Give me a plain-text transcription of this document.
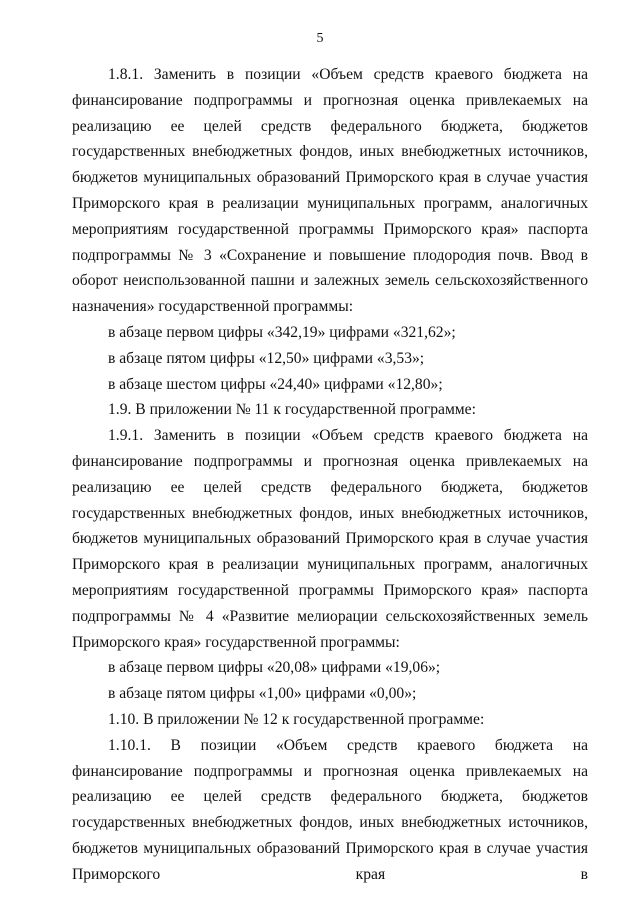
5

1.8.1. Заменить в позиции «Объем средств краевого бюджета на финансирование подпрограммы и прогнозная оценка привлекаемых на реализацию ее целей средств федерального бюджета, бюджетов государственных внебюджетных фондов, иных внебюджетных источников, бюджетов муниципальных образований Приморского края в случае участия Приморского края в реализации муниципальных программ, аналогичных мероприятиям государственной программы Приморского края» паспорта подпрограммы № 3 «Сохранение и повышение плодородия почв. Ввод в оборот неиспользованной пашни и залежных земель сельскохозяйственного назначения» государственной программы:

в абзаце первом цифры «342,19» цифрами «321,62»;

в абзаце пятом цифры «12,50» цифрами «3,53»;

в абзаце шестом цифры «24,40» цифрами «12,80»;

1.9. В приложении № 11 к государственной программе:

1.9.1. Заменить в позиции «Объем средств краевого бюджета на финансирование подпрограммы и прогнозная оценка привлекаемых на реализацию ее целей средств федерального бюджета, бюджетов государственных внебюджетных фондов, иных внебюджетных источников, бюджетов муниципальных образований Приморского края в случае участия Приморского края в реализации муниципальных программ, аналогичных мероприятиям государственной программы Приморского края» паспорта подпрограммы № 4 «Развитие мелиорации сельскохозяйственных земель Приморского края» государственной программы:

в абзаце первом цифры «20,08» цифрами «19,06»;

в абзаце пятом цифры «1,00» цифрами «0,00»;

1.10. В приложении № 12 к государственной программе:

1.10.1. В позиции «Объем средств краевого бюджета на финансирование подпрограммы и прогнозная оценка привлекаемых на реализацию ее целей средств федерального бюджета, бюджетов государственных внебюджетных фондов, иных внебюджетных источников, бюджетов муниципальных образований Приморского края в случае участия Приморского края в
